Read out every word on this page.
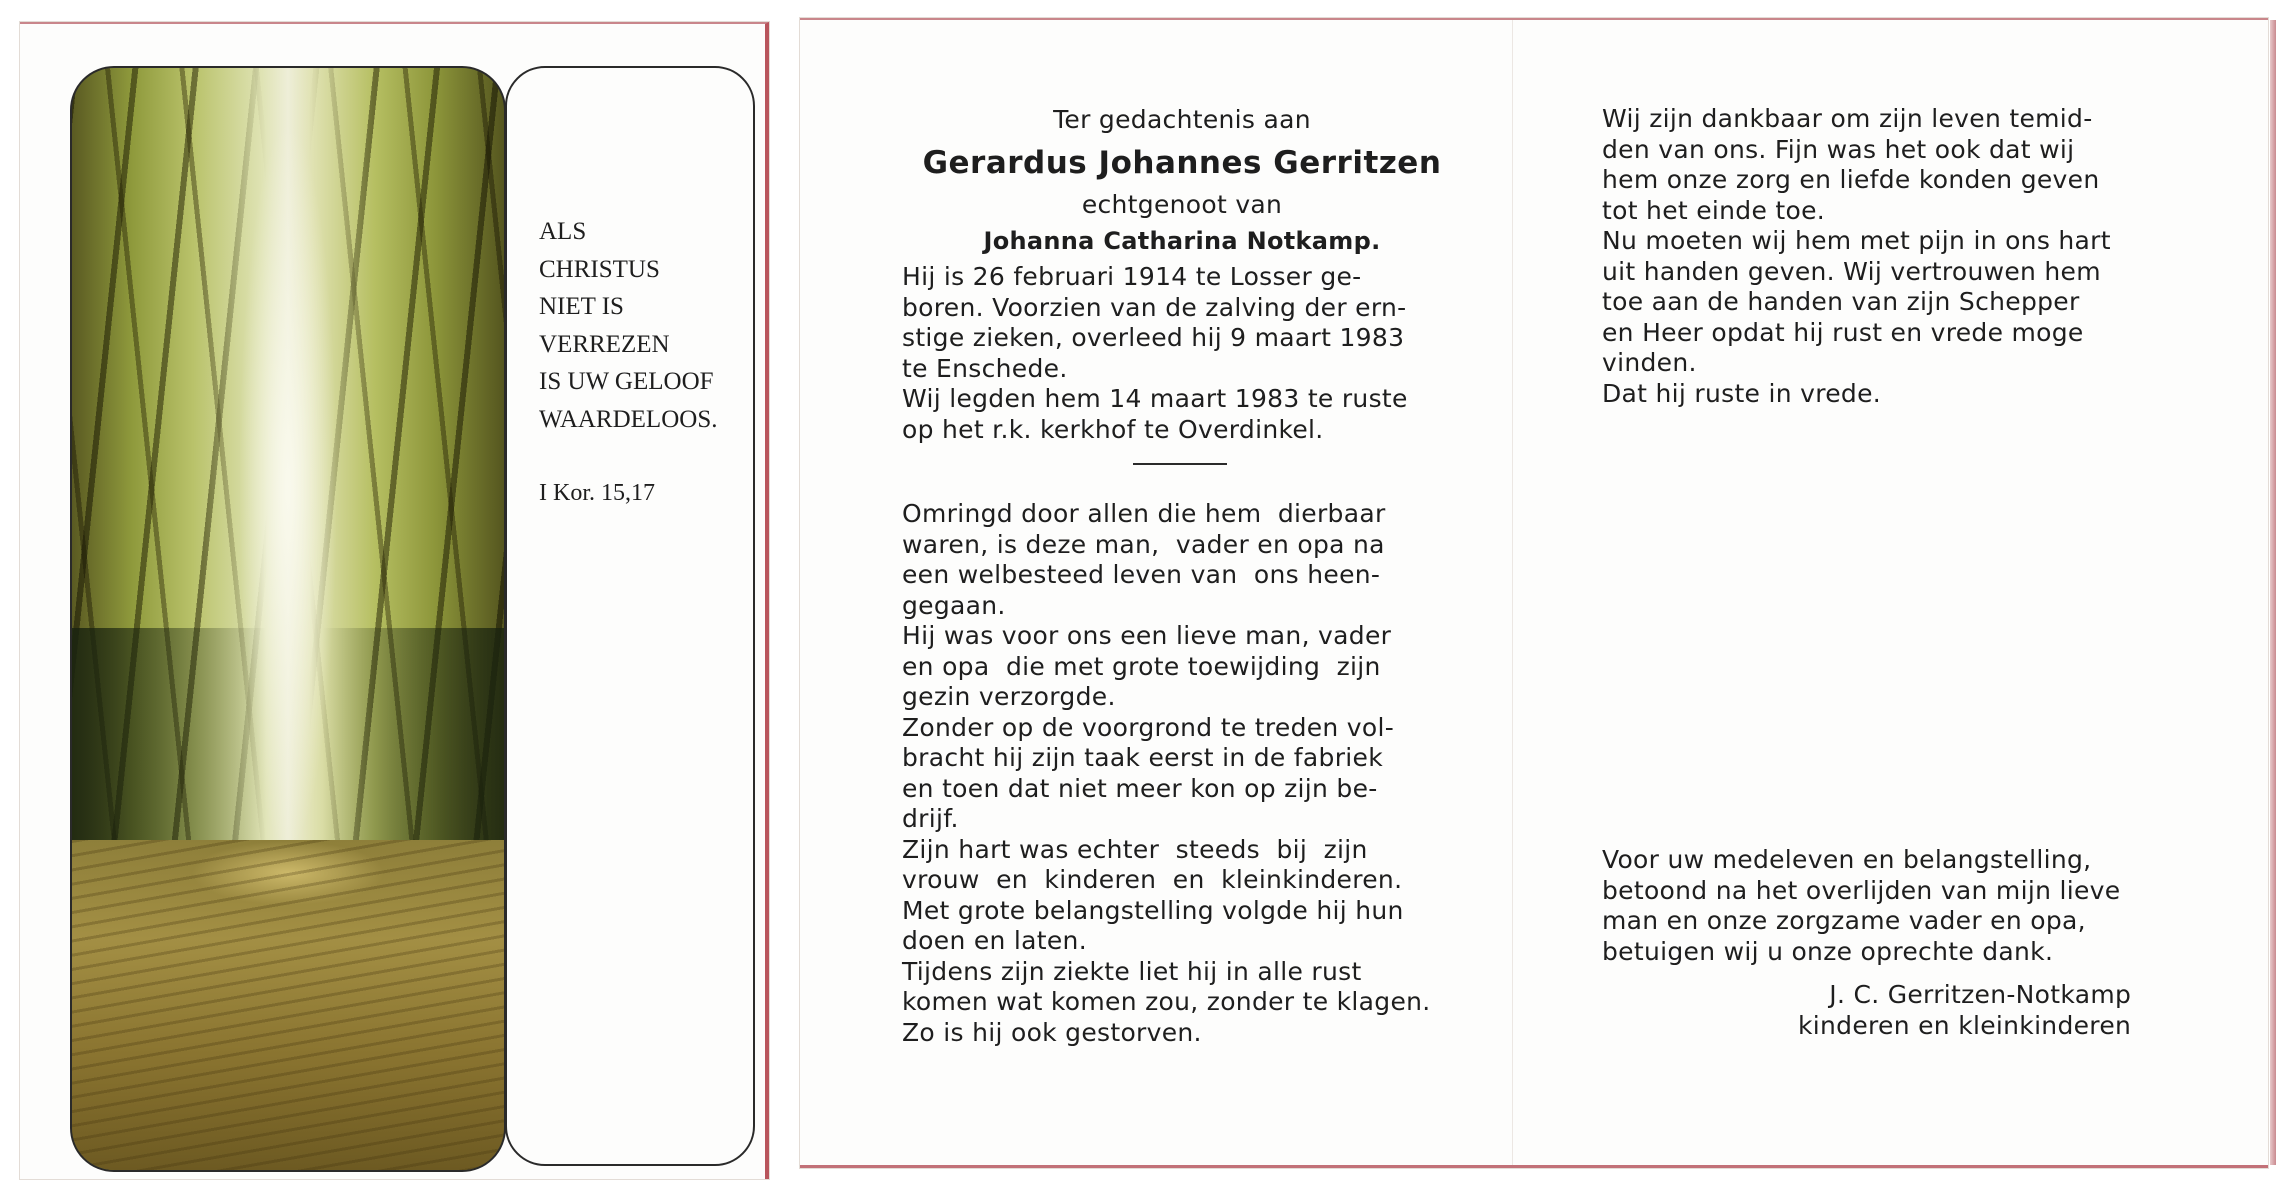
ALS
CHRISTUS
NIET IS
VERREZEN
IS UW GELOOF
WAARDELOOS.

I Kor. 15,17

Ter gedachtenis aan

Gerardus Johannes Gerritzen

echtgenoot van

Johanna Catharina Notkamp.

Hij is 26 februari 1914 te Losser ge-

boren. Voorzien van de zalving der ern-

stige zieken, overleed hij 9 maart 1983

te Enschede.

Wij legden hem 14 maart 1983 te ruste

op het r.k. kerkhof te Overdinkel.

Omringd door allen die hem  dierbaar

waren, is deze man,  vader en opa na

een welbesteed leven van  ons heen-

gegaan.

Hij was voor ons een lieve man, vader

en opa  die met grote toewijding  zijn

gezin verzorgde.

Zonder op de voorgrond te treden vol-

bracht hij zijn taak eerst in de fabriek

en toen dat niet meer kon op zijn be-

drijf.

Zijn hart was echter  steeds  bij  zijn

vrouw  en  kinderen  en  kleinkinderen.

Met grote belangstelling volgde hij hun

doen en laten.

Tijdens zijn ziekte liet hij in alle rust

komen wat komen zou, zonder te klagen.

Zo is hij ook gestorven.

Wij zijn dankbaar om zijn leven temid-

den van ons. Fijn was het ook dat wij

hem onze zorg en liefde konden geven

tot het einde toe.

Nu moeten wij hem met pijn in ons hart

uit handen geven. Wij vertrouwen hem

toe aan de handen van zijn Schepper

en Heer opdat hij rust en vrede moge

vinden.

Dat hij ruste in vrede.

Voor uw medeleven en belangstelling,

betoond na het overlijden van mijn lieve

man en onze zorgzame vader en opa,

betuigen wij u onze oprechte dank.

J. C. Gerritzen-Notkamp

kinderen en kleinkinderen
